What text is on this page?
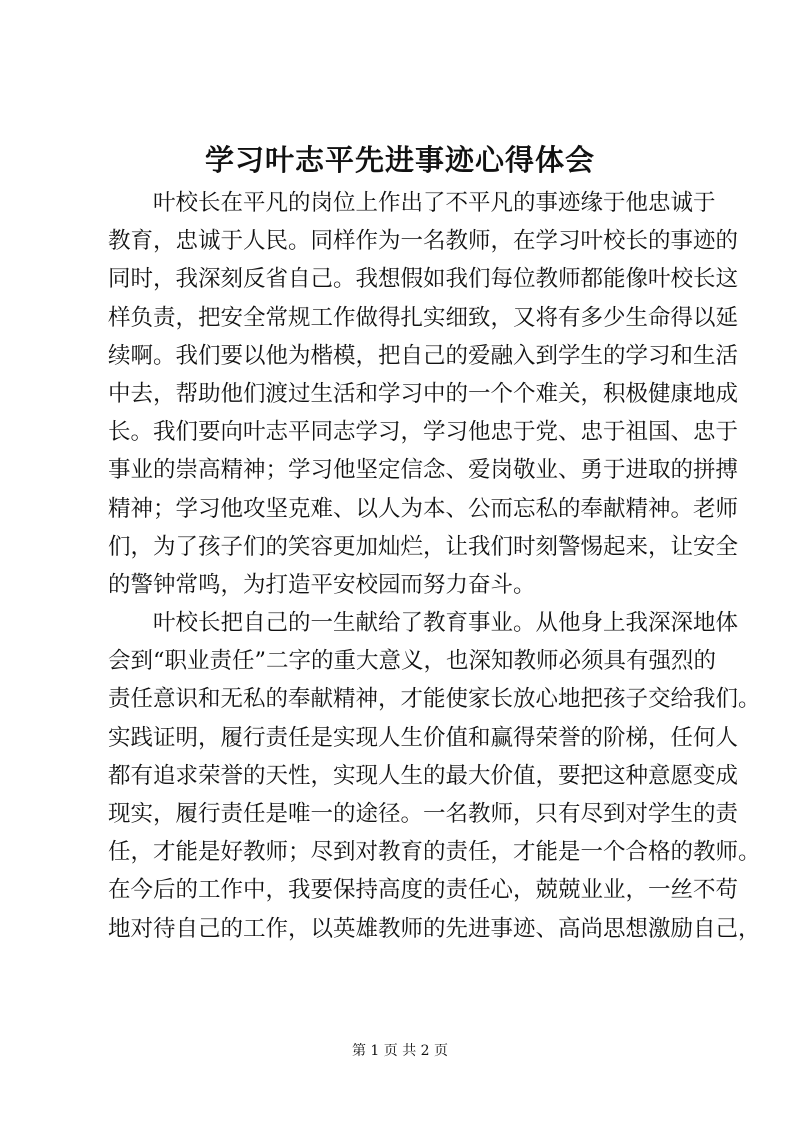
学习叶志平先进事迹心得体会
叶校长在平凡的岗位上作出了不平凡的事迹缘于他忠诚于
教育，忠诚于人民。同样作为一名教师，在学习叶校长的事迹的
同时，我深刻反省自己。我想假如我们每位教师都能像叶校长这
样负责，把安全常规工作做得扎实细致，又将有多少生命得以延
续啊。我们要以他为楷模，把自己的爱融入到学生的学习和生活
中去，帮助他们渡过生活和学习中的一个个难关，积极健康地成
长。我们要向叶志平同志学习，学习他忠于党、忠于祖国、忠于
事业的崇高精神；学习他坚定信念、爱岗敬业、勇于进取的拼搏
精神；学习他攻坚克难、以人为本、公而忘私的奉献精神。老师
们，为了孩子们的笑容更加灿烂，让我们时刻警惕起来，让安全
的警钟常鸣，为打造平安校园而努力奋斗。
叶校长把自己的一生献给了教育事业。从他身上我深深地体
会到“职业责任”二字的重大意义，也深知教师必须具有强烈的
责任意识和无私的奉献精神，才能使家长放心地把孩子交给我们。
实践证明，履行责任是实现人生价值和赢得荣誉的阶梯，任何人
都有追求荣誉的天性，实现人生的最大价值，要把这种意愿变成
现实，履行责任是唯一的途径。一名教师，只有尽到对学生的责
任，才能是好教师；尽到对教育的责任，才能是一个合格的教师。
在今后的工作中，我要保持高度的责任心，兢兢业业，一丝不苟
地对待自己的工作，以英雄教师的先进事迹、高尚思想激励自己，
第 1 页 共 2 页
